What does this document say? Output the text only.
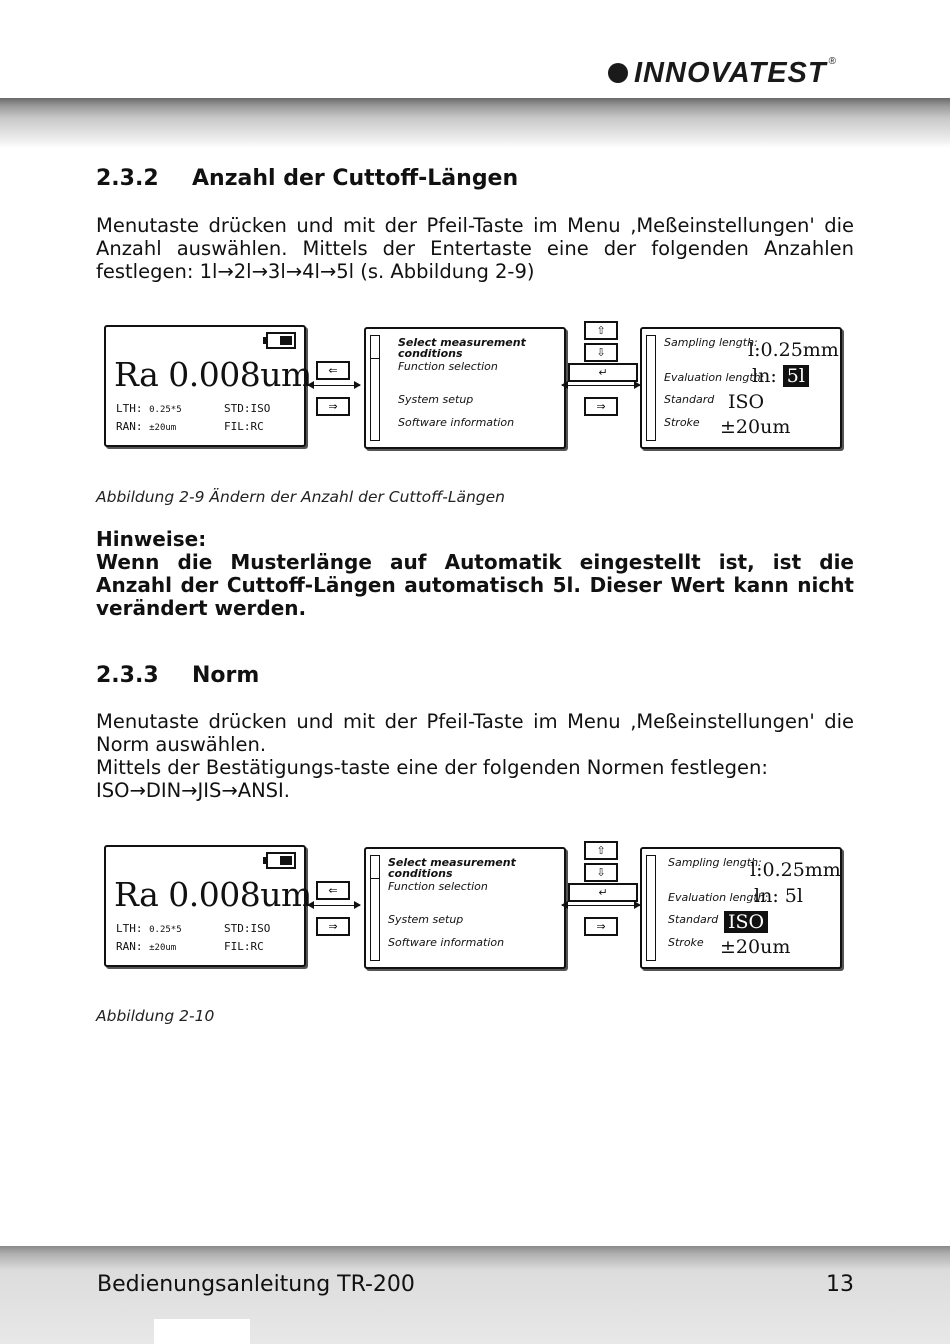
INNOVATEST ®
2.3.2 Anzahl der Cuttoff-Längen
Menutaste drücken und mit der Pfeil-Taste im Menu ‚Meßeinstellungen' die
Anzahl auswählen. Mittels der Entertaste eine der folgenden Anzahlen
festlegen: 1l→2l→3l→4l→5l (s. Abbildung 2-9)
Ra 0.008um
LTH: 0.25*5	STD:ISO
RAN: ±20um	FIL:RC
⇐
⇒
Select measurement
conditions
Function selection
System setup
Software information
⇧
⇩
↵
⇒
Sampling length:
l:0.25mm
Evaluation length:
ln: 5l
Standard ISO
Stroke ±20um
Abbildung 2-9 Ändern der Anzahl der Cuttoff-Längen
Hinweise:
Wenn die Musterlänge auf Automatik eingestellt ist, ist die
Anzahl der Cuttoff-Längen automatisch 5l. Dieser Wert kann nicht
verändert werden.
2.3.3 Norm
Menutaste drücken und mit der Pfeil-Taste im Menu ‚Meßeinstellungen' die
Norm auswählen.
Mittels der Bestätigungs-taste eine der folgenden Normen festlegen:
ISO→DIN→JIS→ANSI.
Ra 0.008um
LTH: 0.25*5	STD:ISO
RAN: ±20um	FIL:RC
⇐
⇒
Select measurement
conditions
Function selection
System setup
Software information
⇧
⇩
↵
⇒
Sampling length:
l:0.25mm
Evaluation length:
ln: 5l
Standard ISO
Stroke ±20um
Abbildung 2-10
Bedienungsanleitung TR-200	13
